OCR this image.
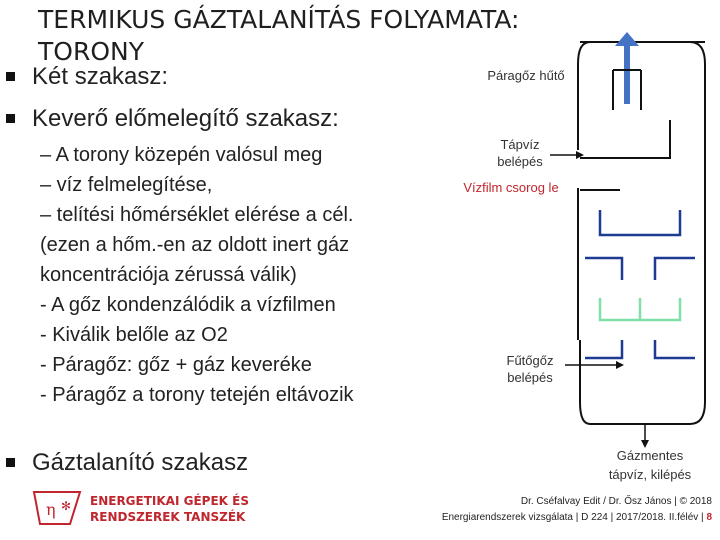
TERMIKUS GÁZTALANÍTÁS FOLYAMATA: TORONY
Két szakasz:
Keverő előmelegítő szakasz:
– A torony közepén valósul meg
– víz felmelegítése,
– telítési hőmérséklet elérése a cél.
(ezen a hőm.-en az oldott inert gáz
koncentrációja zérussá válik)
- A gőz kondenzálódik a vízfilmen
- Kiválik belőle az O2
- Páragőz: gőz + gáz keveréke
- Páragőz a torony tetején eltávozik
Gáztalanító szakasz
Páragőz hűtő
Tápvíz
belépés
Vízfilm csorog le
Fűtőgőz
belépés
Gázmentes
tápvíz, kilépés
η ✻ ENERGETIKAI GÉPEK ÉS
RENDSZEREK TANSZÉK
Dr. Cséfalvay Edit / Dr. Ősz János | © 2018
Energiarendszerek vizsgálata | D 224 | 2017/2018. II.félév | 8
